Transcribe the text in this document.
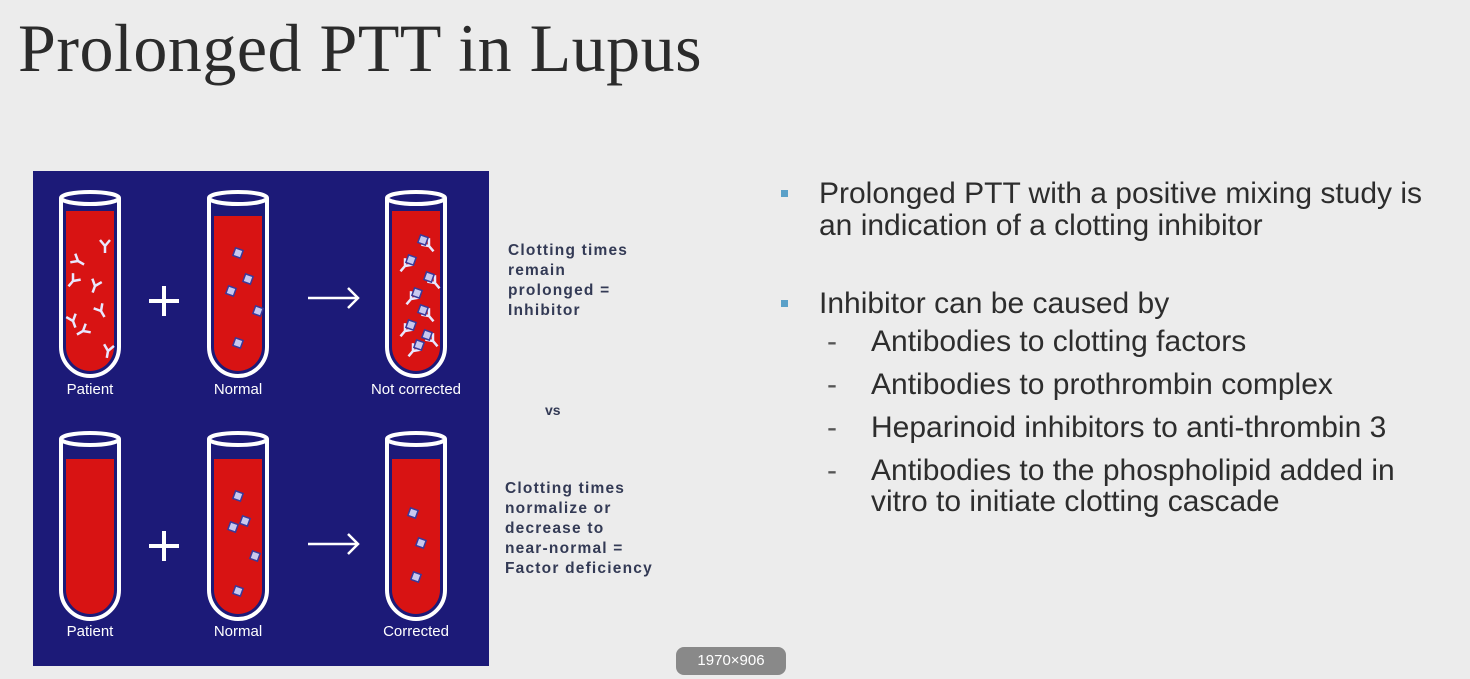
Prolonged PTT in Lupus
Patient	Normal	Not corrected
Patient	Normal	Corrected
Clotting times
remain
prolonged =
Inhibitor
vs
Clotting times
normalize or
decrease to
near-normal =
Factor deficiency
Prolonged PTT with a positive mixing study is an indication of a clotting inhibitor
Inhibitor can be caused by
- Antibodies to clotting factors
- Antibodies to prothrombin complex
- Heparinoid inhibitors to anti-thrombin 3
- Antibodies to the phospholipid added in vitro to initiate clotting cascade
1970×906
